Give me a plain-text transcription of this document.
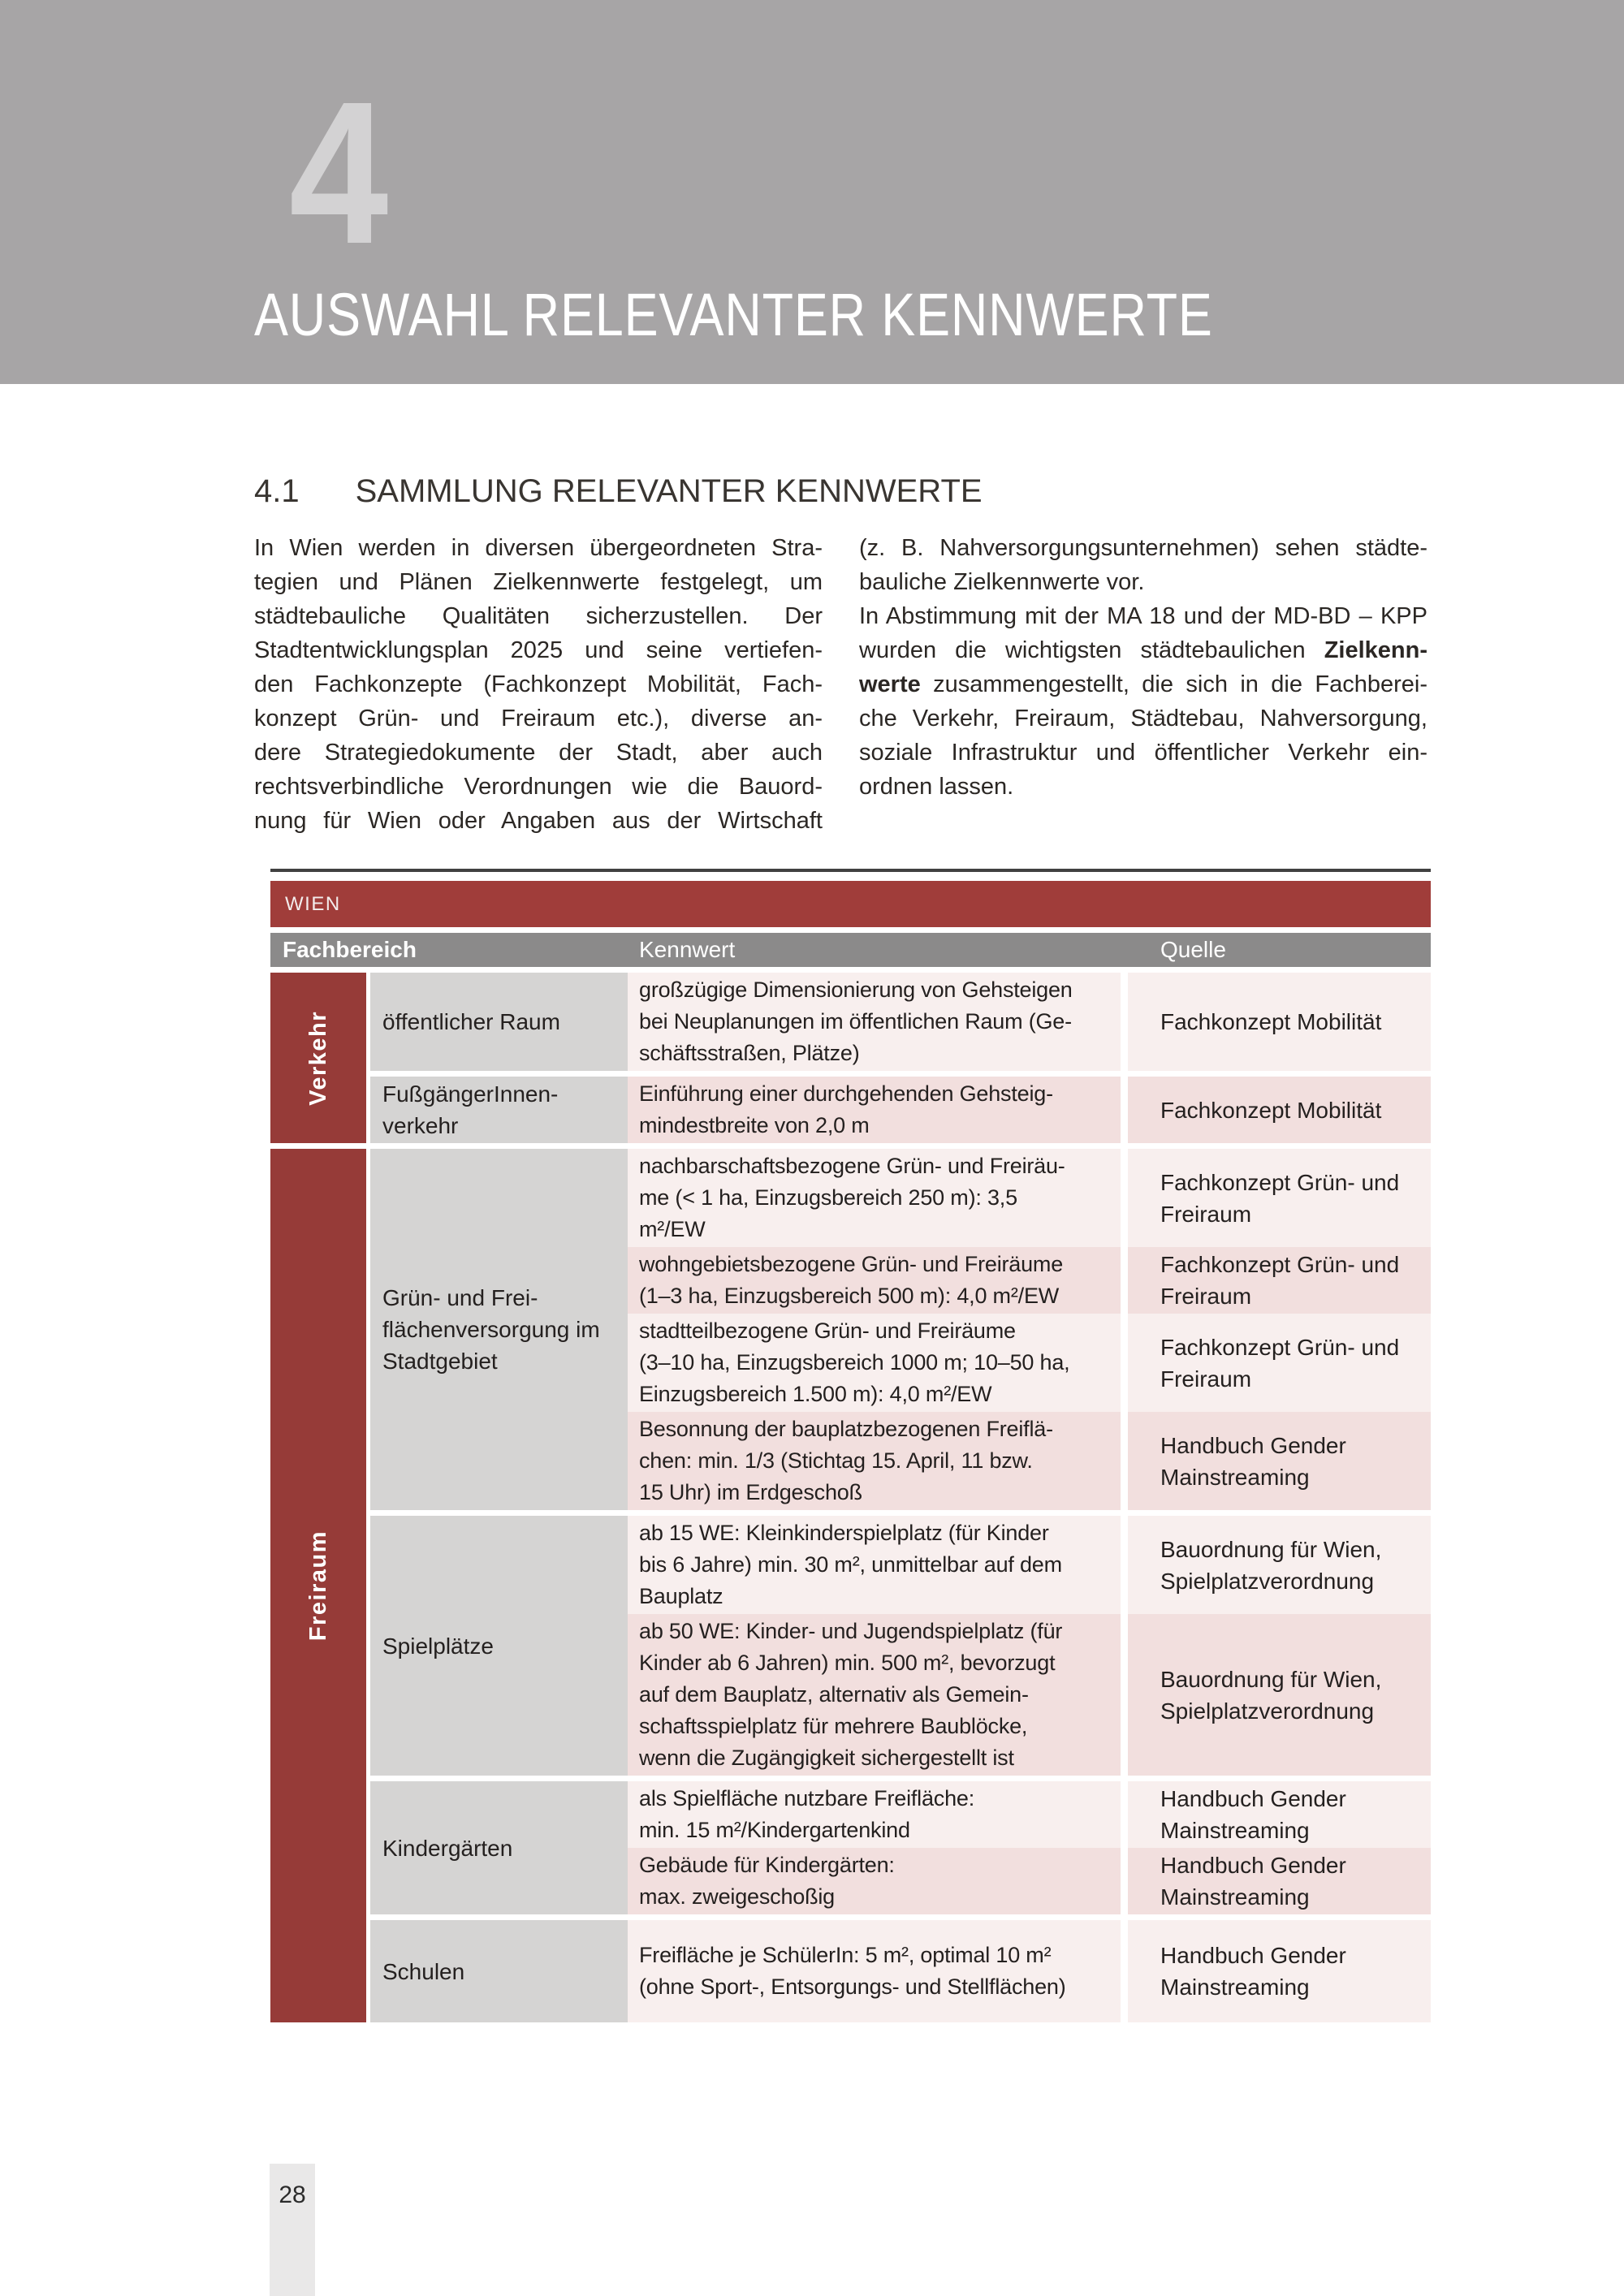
4
AUSWAHL RELEVANTER KENNWERTE
4.1 SAMMLUNG RELEVANTER KENNWERTE
In Wien werden in diversen übergeordneten Stra-
tegien und Plänen Zielkennwerte festgelegt, um
städtebauliche Qualitäten sicherzustellen. Der
Stadtentwicklungsplan 2025 und seine vertiefen-
den Fachkonzepte (Fachkonzept Mobilität, Fach-
konzept Grün- und Freiraum etc.), diverse an-
dere Strategiedokumente der Stadt, aber auch
rechtsverbindliche Verordnungen wie die Bauord-
nung für Wien oder Angaben aus der Wirtschaft
(z. B. Nahversorgungsunternehmen) sehen städte-
bauliche Zielkennwerte vor.
In Abstimmung mit der MA 18 und der MD-BD – KPP
wurden die wichtigsten städtebaulichen Zielkenn-
werte zusammengestellt, die sich in die Fachberei-
che Verkehr, Freiraum, Städtebau, Nahversorgung,
soziale Infrastruktur und öffentlicher Verkehr ein-
ordnen lassen.
WIEN
Fachbereich	Kennwert	Quelle
Verkehr öffentlicher Raum
großzügige Dimensionierung von Gehsteigen
bei Neuplanungen im öffentlichen Raum (Ge-
schäftsstraßen, Plätze)
Fachkonzept Mobilität
FußgängerInnen-
verkehr
Einführung einer durchgehenden Gehsteig-
mindestbreite von 2,0 m
Fachkonzept Mobilität
Freiraum
Grün- und Frei-
flächenversorgung im
Stadtgebiet
nachbarschaftsbezogene Grün- und Freiräu-
me (< 1 ha, Einzugsbereich 250 m): 3,5
m²/EW
Fachkonzept Grün- und Freiraum
wohngebietsbezogene Grün- und Freiräume
(1–3 ha, Einzugsbereich 500 m): 4,0 m²/EW
Fachkonzept Grün- und Freiraum
stadtteilbezogene Grün- und Freiräume
(3–10 ha, Einzugsbereich 1000 m; 10–50 ha,
Einzugsbereich 1.500 m): 4,0 m²/EW
Fachkonzept Grün- und Freiraum
Besonnung der bauplatzbezogenen Freiflä-
chen: min. 1/3 (Stichtag 15. April, 11 bzw.
15 Uhr) im Erdgeschoß
Handbuch Gender Mainstreaming
Spielplätze
ab 15 WE: Kleinkinderspielplatz (für Kinder
bis 6 Jahre) min. 30 m², unmittelbar auf dem
Bauplatz
Bauordnung für Wien, Spielplatzverordnung
ab 50 WE: Kinder- und Jugendspielplatz (für
Kinder ab 6 Jahren) min. 500 m², bevorzugt
auf dem Bauplatz, alternativ als Gemein-
schaftsspielplatz für mehrere Baublöcke,
wenn die Zugängigkeit sichergestellt ist
Bauordnung für Wien, Spielplatzverordnung
Kindergärten
als Spielfläche nutzbare Freifläche:
min. 15 m²/Kindergartenkind
Handbuch Gender Mainstreaming
Gebäude für Kindergärten:
max. zweigeschoßig
Handbuch Gender Mainstreaming
Schulen
Freifläche je SchülerIn: 5 m², optimal 10 m²
(ohne Sport-, Entsorgungs- und Stellflächen)
Handbuch Gender Mainstreaming
28
